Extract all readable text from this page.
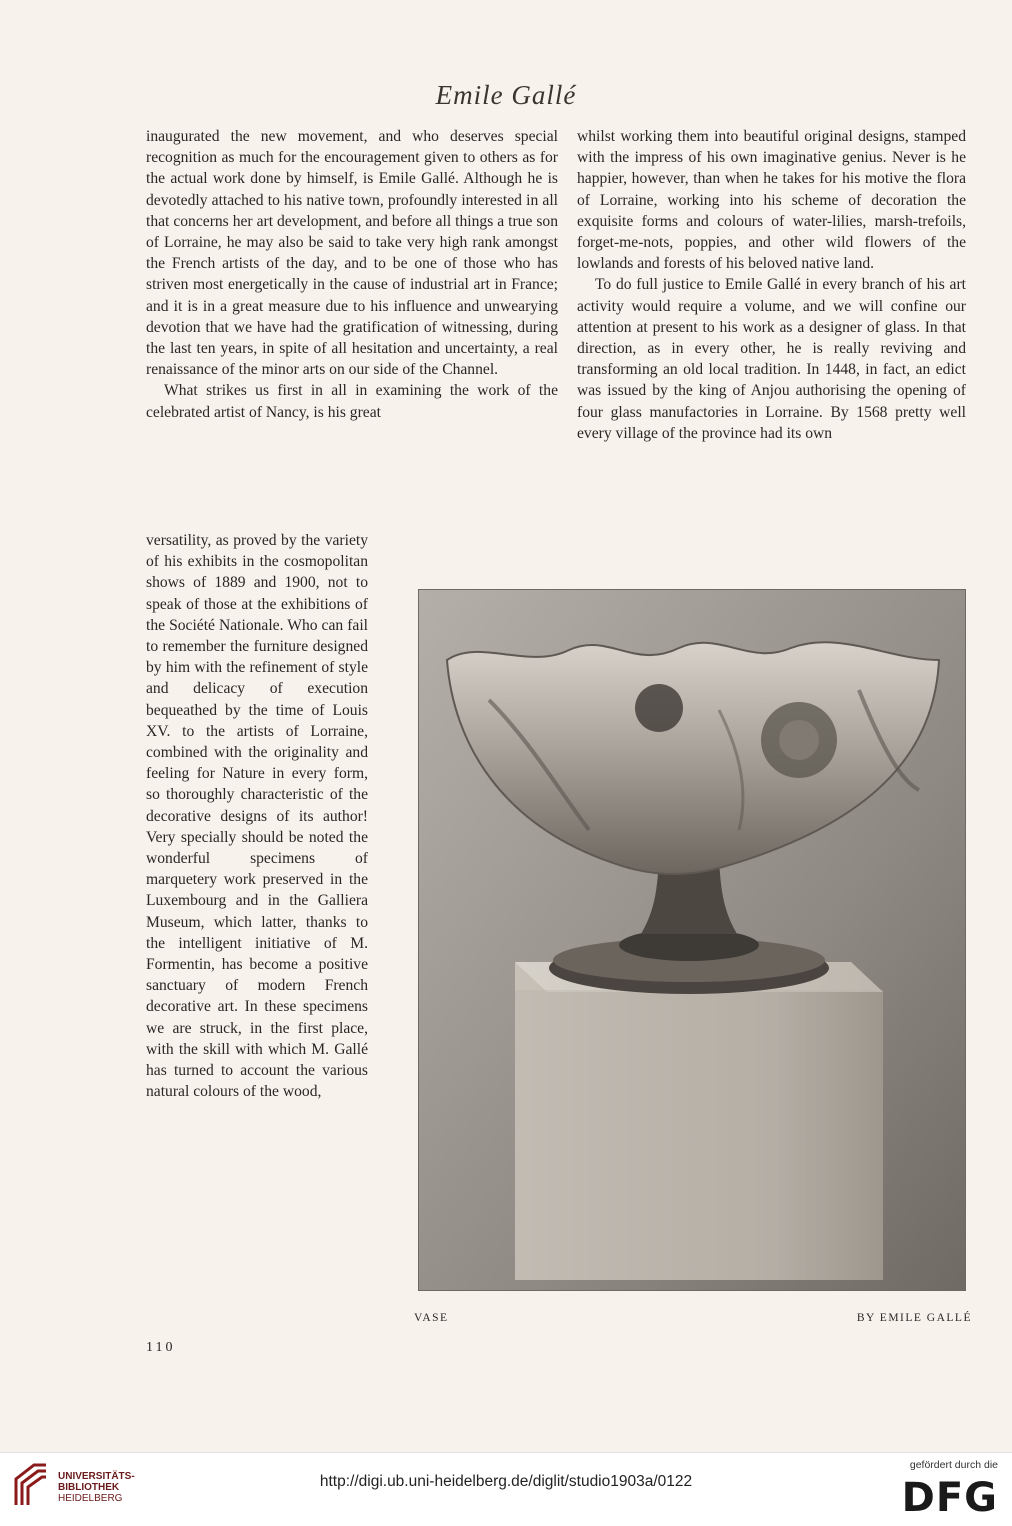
Emile Gallé

inaugurated the new movement, and who deserves special recognition as much for the encouragement given to others as for the actual work done by himself, is Emile Gallé. Although he is devotedly attached to his native town, profoundly interested in all that concerns her art development, and before all things a true son of Lorraine, he may also be said to take very high rank amongst the French artists of the day, and to be one of those who has striven most energetically in the cause of industrial art in France; and it is in a great measure due to his influence and unwearying devotion that we have had the gratification of witnessing, during the last ten years, in spite of all hesitation and uncertainty, a real renaissance of the minor arts on our side of the Channel.

What strikes us first in all in examining the work of the celebrated artist of Nancy, is his great

versatility, as proved by the variety of his exhibits in the cosmopolitan shows of 1889 and 1900, not to speak of those at the exhibitions of the Société Nationale. Who can fail to remember the furniture designed by him with the refinement of style and delicacy of execution bequeathed by the time of Louis XV. to the artists of Lorraine, combined with the originality and feeling for Nature in every form, so thoroughly characteristic of the decorative designs of its author! Very specially should be noted the wonderful specimens of marquetery work preserved in the Luxembourg and in the Galliera Museum, which latter, thanks to the intelligent initiative of M. Formentin, has become a positive sanctuary of modern French decorative art. In these specimens we are struck, in the first place, with the skill with which M. Gallé has turned to account the various natural colours of the wood,

whilst working them into beautiful original designs, stamped with the impress of his own imaginative genius. Never is he happier, however, than when he takes for his motive the flora of Lorraine, working into his scheme of decoration the exquisite forms and colours of water-lilies, marsh-trefoils, forget-me-nots, poppies, and other wild flowers of the lowlands and forests of his beloved native land.

To do full justice to Emile Gallé in every branch of his art activity would require a volume, and we will confine our attention at present to his work as a designer of glass. In that direction, as in every other, he is really reviving and transforming an old local tradition. In 1448, in fact, an edict was issued by the king of Anjou authorising the opening of four glass manufactories in Lorraine. By 1568 pretty well every village of the province had its own

VASE	BY EMILE GALLÉ
110
UNIVERSITÄTS-
BIBLIOTHEK
HEIDELBERG
http://digi.ub.uni-heidelberg.de/diglit/studio1903a/0122
gefördert durch die
DFG
